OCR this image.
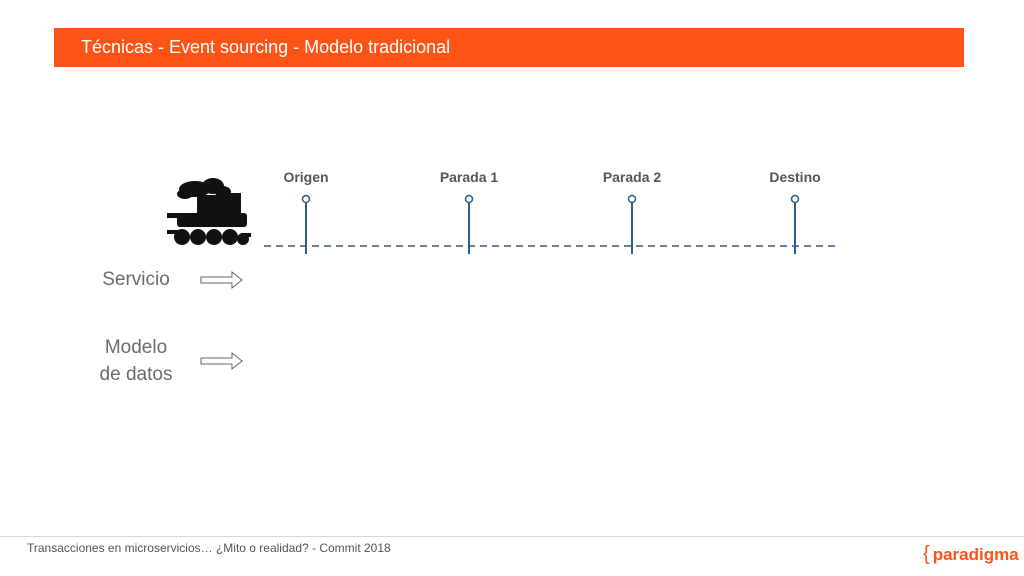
Técnicas - Event sourcing - Modelo tradicional
Origen	Parada 1	Parada 2	Destino
Servicio
Modelo
de datos
Transacciones en microservicios… ¿Mito o realidad? - Commit 2018	{ paradigma
